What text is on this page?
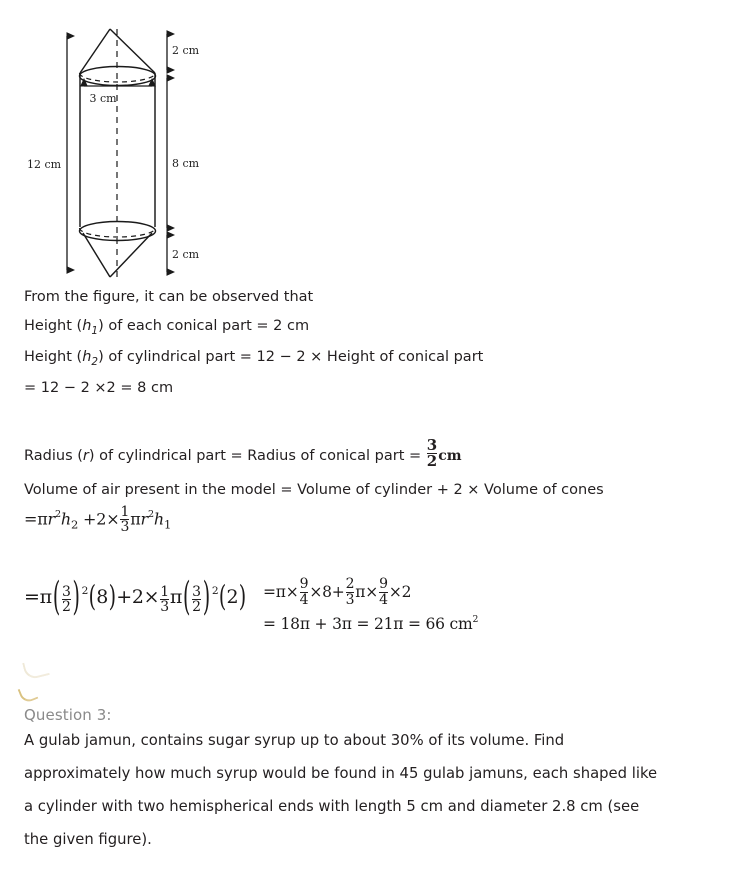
12 cm
3 cm
2 cm
8 cm
2 cm
From the figure, it can be observed that
Height $(h_1)$ of each conical part = 2 cm
Height $(h_2)$ of cylindrical part = 12 − 2 × Height of conical part
= 12 − 2 ×2 = 8 cm
Radius (r) of cylindrical part = Radius of conical part = $\frac{3}{2}$ cm
Volume of air present in the model = Volume of cylinder + 2 × Volume of cones
$=\pi r^2h_2 +2\times \frac{1}{3} \pi r^2h_1$
$=\pi( \frac{3}{2}$ ) $^2(8)+2\times \frac{1}{3} \pi( \frac{3}{2}$ ) $^2(2) =\pi\times \frac{9}{4} \times 8+ \frac{2}{3} \pi\times \frac{9}{4} \times 2$
= 18π + 3π = 21π = 66 $cm^2$
Question 3:
A gulab jamun, contains sugar syrup up to about 30% of its volume. Find
approximately how much syrup would be found in 45 gulab jamuns, each shaped like
a cylinder with two hemispherical ends with length 5 cm and diameter 2.8 cm (see
the given figure).
